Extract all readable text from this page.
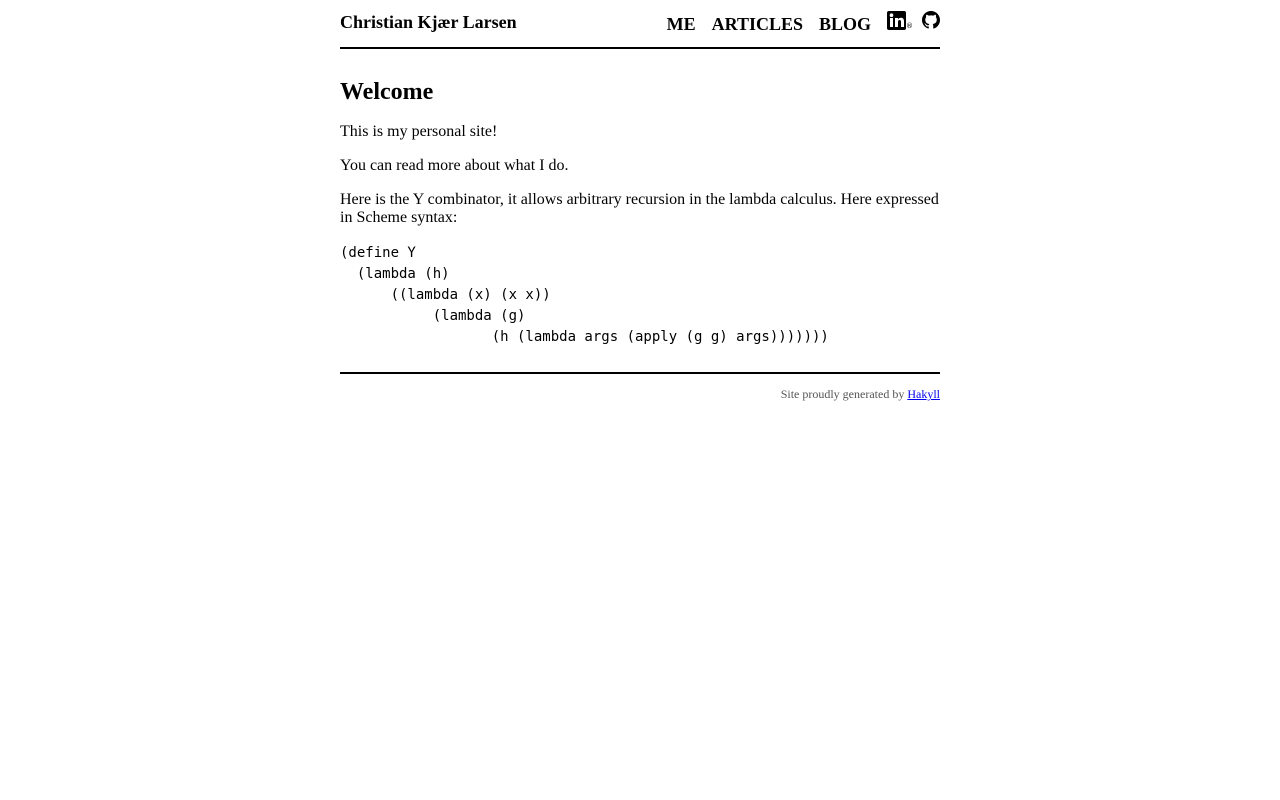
Christian Kjær Larsen	ME ARTICLES BLOG	®
Welcome

This is my personal site!

You can read more about what I do.

Here is the Y combinator, it allows arbitrary recursion in the lambda calculus. Here expressed in Scheme syntax:

(define Y
(lambda (h)
((lambda (x) (x x))
(lambda (g)
(h (lambda args (apply (g g) args)))))))
Site proudly generated by Hakyll
